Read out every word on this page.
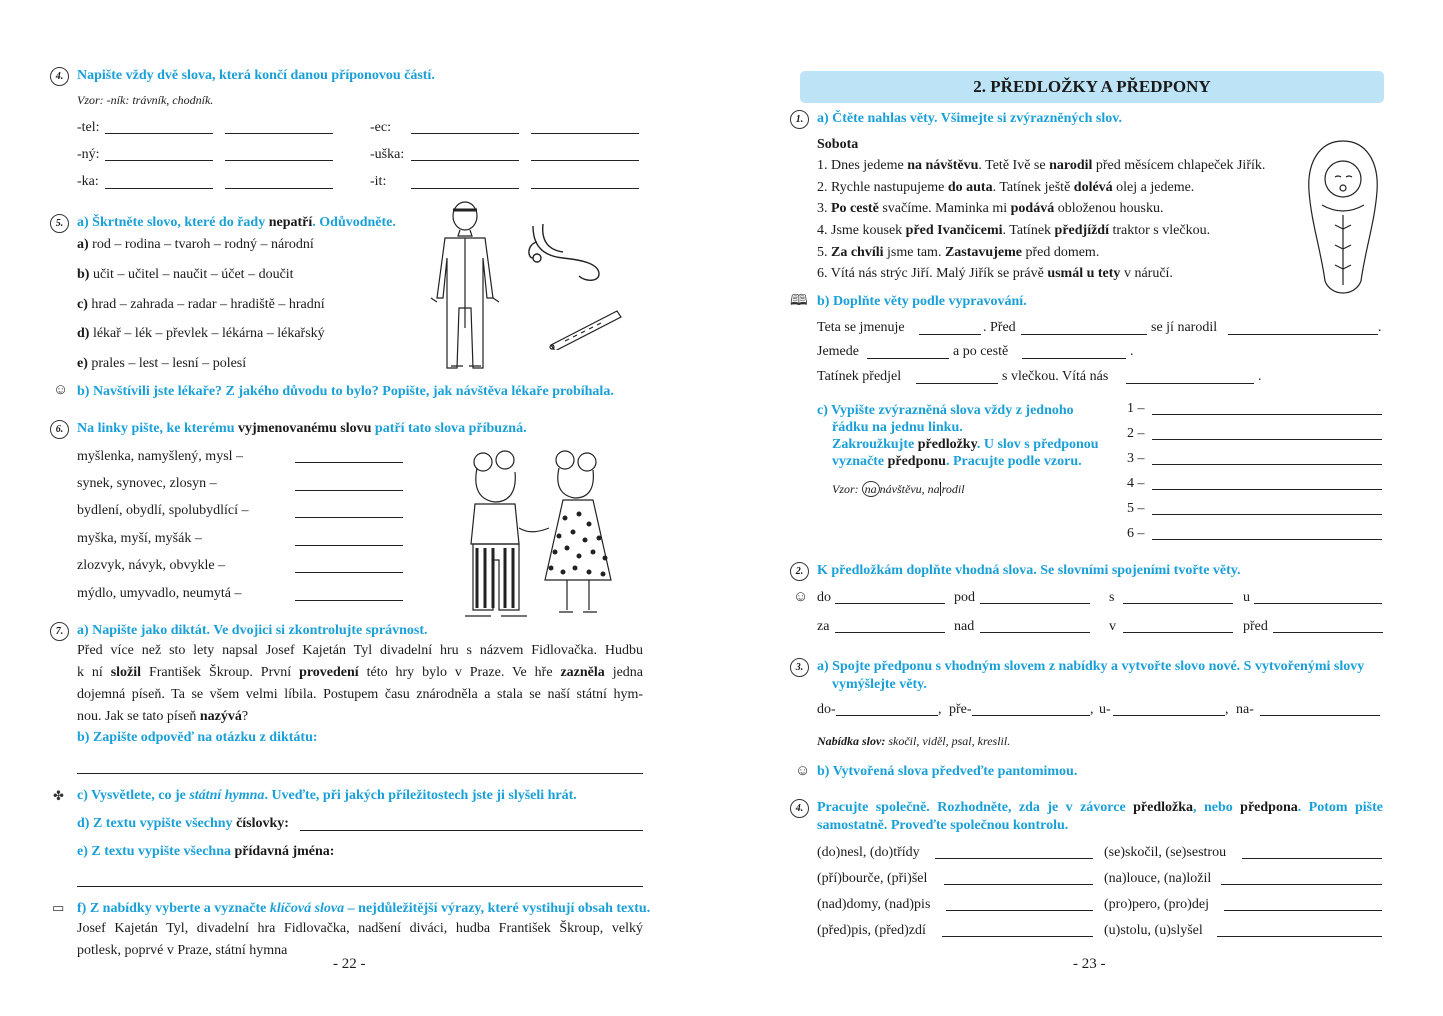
4. Napište vždy dvě slova, která končí danou příponovou částí.
Vzor: -ník: trávník, chodník.
-tel:	-ec:
-ný:	-uška:
-ka:	-it:
5. a) Škrtněte slovo, které do řady nepatří. Odůvodněte.
a) rod – rodina – tvaroh – rodný – národní
b) učit – učitel – naučit – účet – doučit
c) hrad – zahrada – radar – hradiště – hradní
d) lékař – lék – převlek – lékárna – lékařský
e) prales – lest – lesní – polesí
☺ b) Navštívili jste lékaře? Z jakého důvodu to bylo? Popište, jak návštěva lékaře probíhala.
6. Na linky pište, ke kterému vyjmenovanému slovu patří tato slova příbuzná.
myšlenka, namyšlený, mysl –
synek, synovec, zlosyn –
bydlení, obydlí, spolubydlící –
myška, myší, myšák –
zlozvyk, návyk, obvykle –
mýdlo, umyvadlo, neumytá –
7. a) Napište jako diktát. Ve dvojici si zkontrolujte správnost.
Před více než sto lety napsal Josef Kajetán Tyl divadelní hru s názvem Fidlovačka. Hudbu
k ní složil František Škroup. První provedení této hry bylo v Praze. Ve hře zazněla jedna
dojemná píseň. Ta se všem velmi líbila. Postupem času znárodněla a stala se naší státní hym-
nou. Jak se tato píseň nazývá?
b) Zapište odpověď na otázku z diktátu:
✤ c) Vysvětlete, co je státní hymna. Uveďte, při jakých příležitostech jste ji slyšeli hrát.
d) Z textu vypište všechny číslovky:
e) Z textu vypište všechna přídavná jména:
▭ f) Z nabídky vyberte a vyznačte klíčová slova – nejdůležitější výrazy, které vystihují obsah textu.
Josef Kajetán Tyl, divadelní hra Fidlovačka, nadšení diváci, hudba František Škroup, velký
potlesk, poprvé v Praze, státní hymna
- 22 -
2. PŘEDLOŽKY A PŘEDPONY
1. a) Čtěte nahlas věty. Všimejte si zvýrazněných slov.
Sobota
1. Dnes jedeme na návštěvu. Tetě Ivě se narodil před měsícem chlapeček Jiřík.
2. Rychle nastupujeme do auta. Tatínek ještě dolévá olej a jedeme.
3. Po cestě svačíme. Maminka mi podává obloženou housku.
4. Jsme kousek před Ivančicemi. Tatínek předjíždí traktor s vlečkou.
5. Za chvíli jsme tam. Zastavujeme před domem.
6. Vítá nás strýc Jiří. Malý Jiřík se právě usmál u tety v náručí.
🕮 b) Doplňte věty podle vypravování.
Teta se jmenuje	. Před	se jí narodil	.
Jemede	a po cestě	.
Tatínek předjel	s vlečkou. Vítá nás	.
c) Vypište zvýrazněná slova vždy z jednoho
řádku na jednu linku.
Zakroužkujte předložky. U slov s předponou
vyznačte předponu. Pracujte podle vzoru.
Vzor: na návštěvu, na rodil
1 –
2 –
3 –
4 –
5 –
6 –
2. K předložkám doplňte vhodná slova. Se slovními spojeními tvořte věty.
☺ do	pod	s	u
za	nad	v	před
3. a) Spojte předponu s vhodným slovem z nabídky a vytvořte slovo nové. S vytvořenými slovy
vymýšlejte věty.
do-	, pře-	, u-	, na-
Nabídka slov: skočil, viděl, psal, kreslil.
☺ b) Vytvořená slova předveďte pantomimou.
4. Pracujte společně. Rozhodněte, zda je v závorce předložka, nebo předpona. Potom pište
samostatně. Proveďte společnou kontrolu.
(do)nesl, (do)třídy	(se)skočil, (se)sestrou
(pří)bourče, (při)šel	(na)louce, (na)ložil
(nad)domy, (nad)pis	(pro)pero, (pro)dej
(před)pis, (před)zdí	(u)stolu, (u)slyšel
- 23 -
